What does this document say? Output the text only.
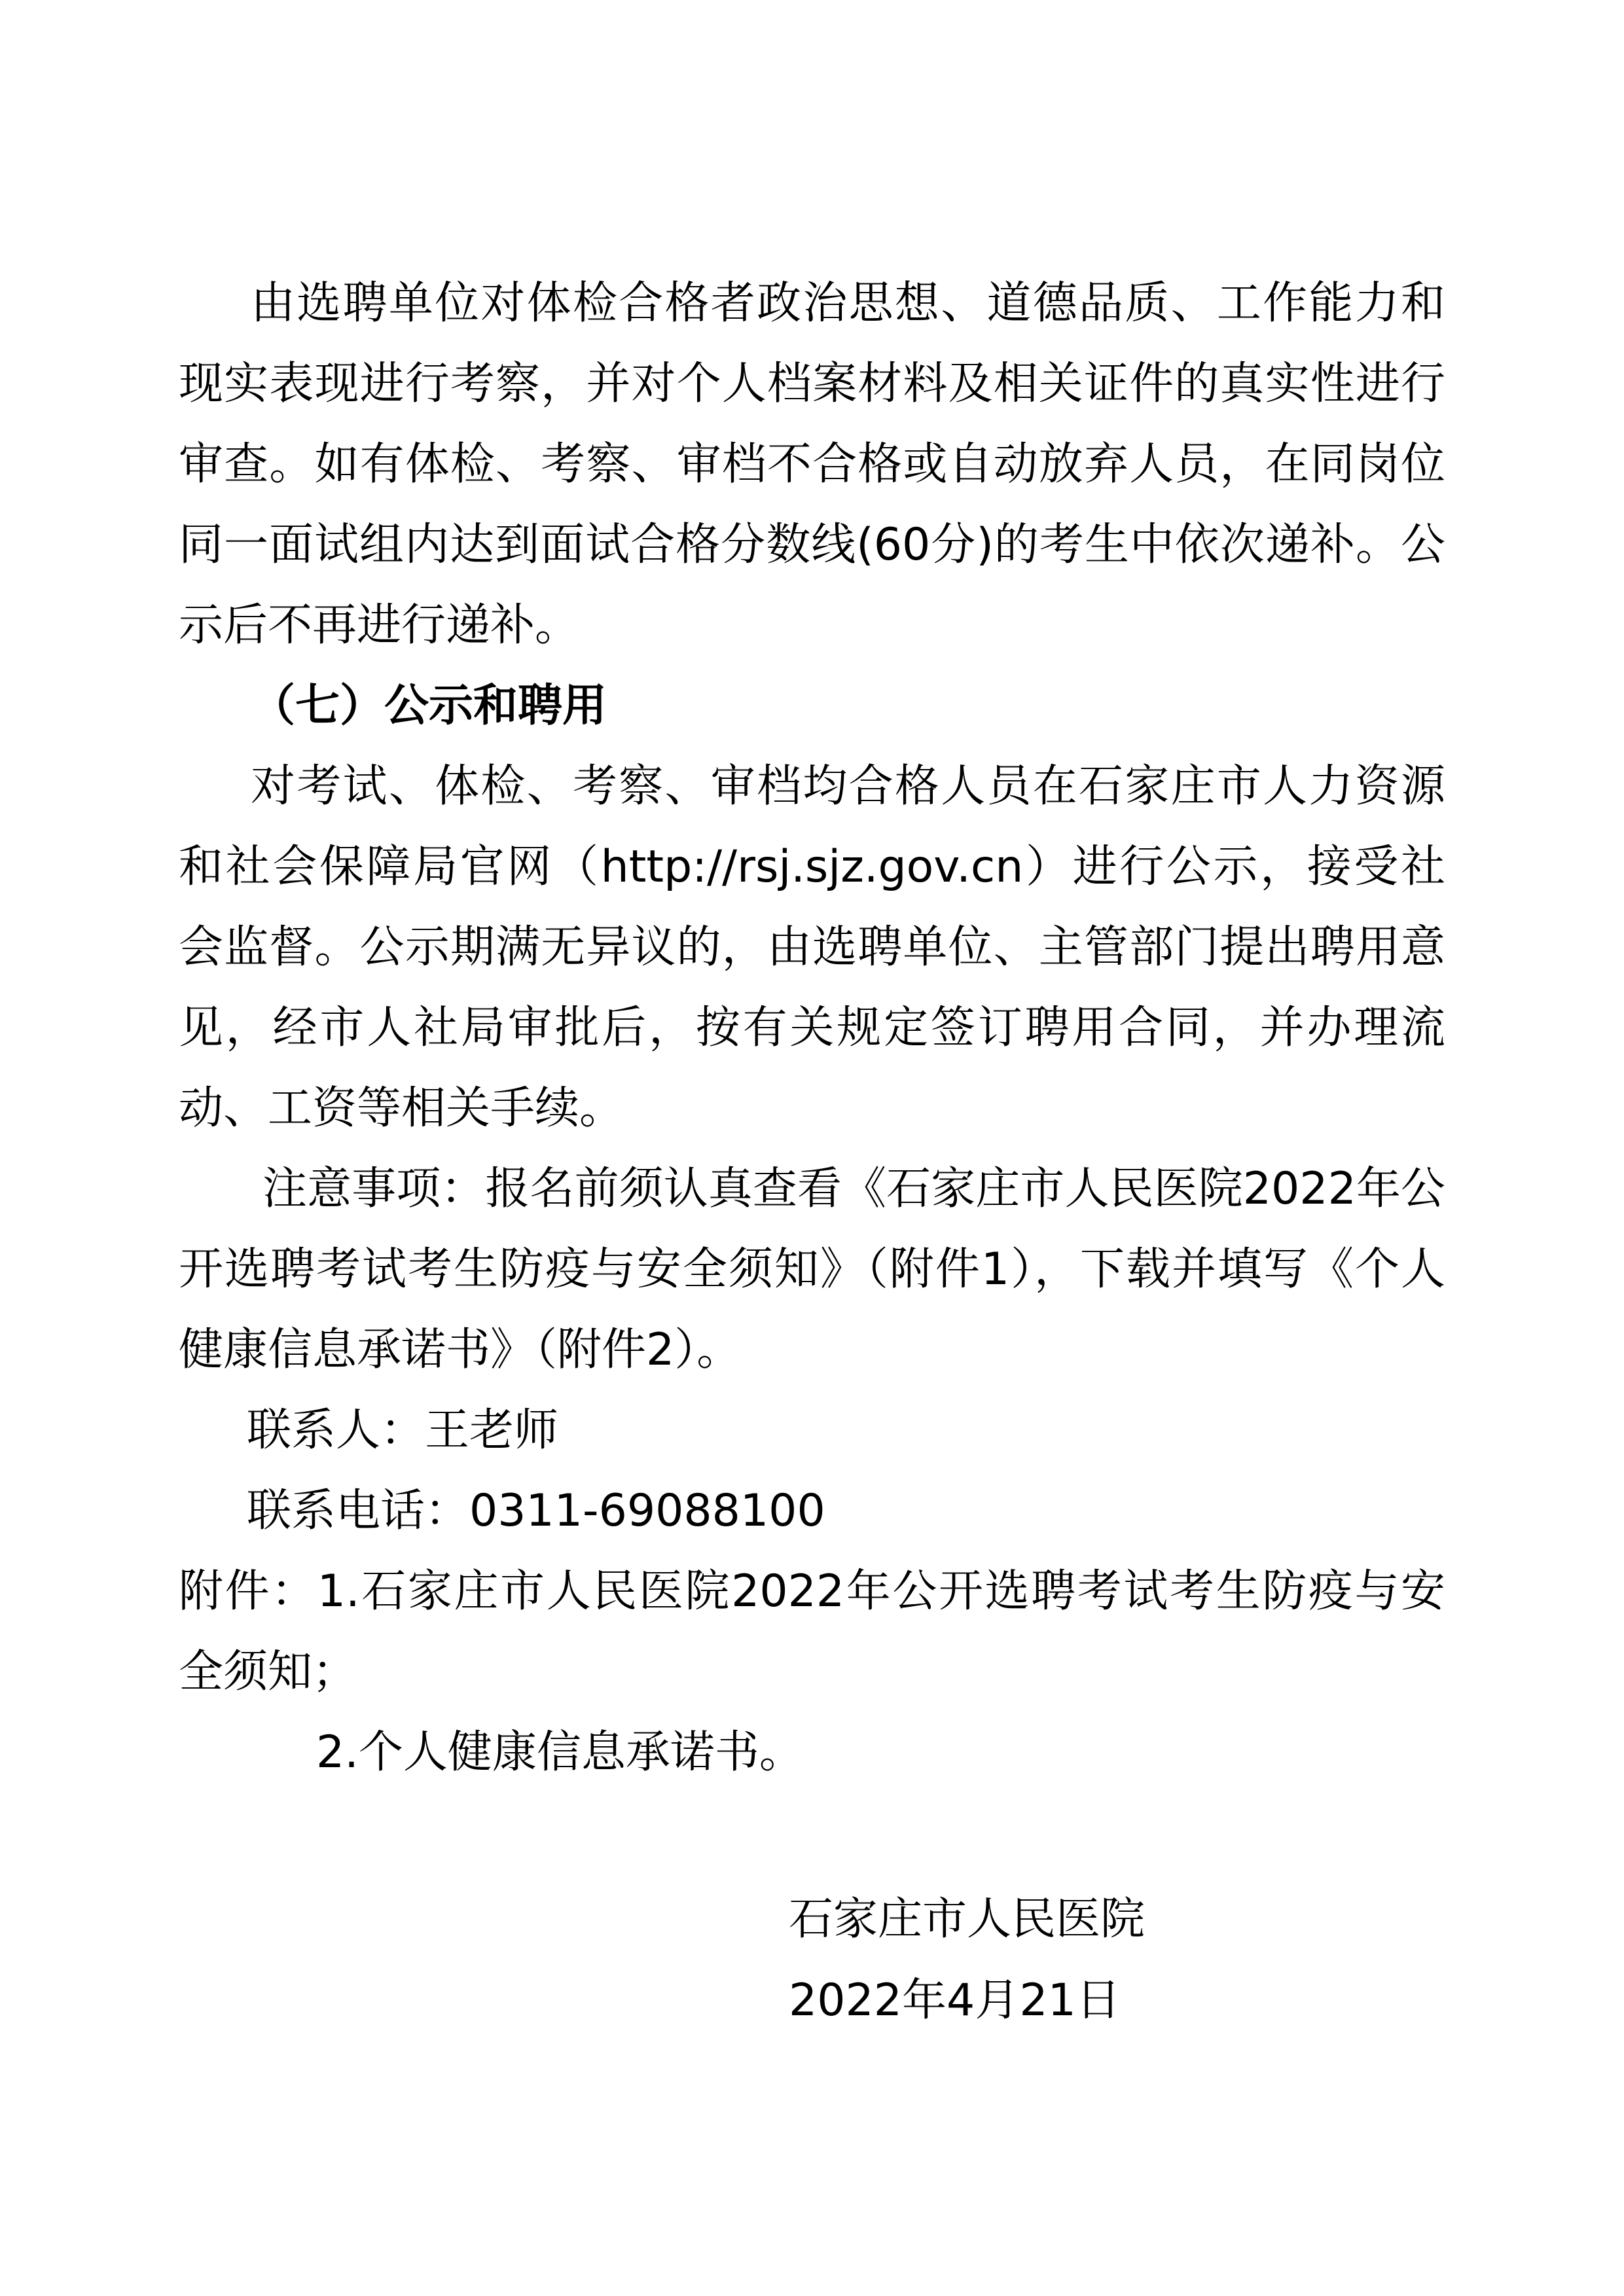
由选聘单位对体检合格者政治思想、道德品质、工作能力和现实表现进行考察，并对个人档案材料及相关证件的真实性进行审查。如有体检、考察、审档不合格或自动放弃人员，在同岗位同一面试组内达到面试合格分数线(60分)的考生中依次递补。公示后不再进行递补。

（七）公示和聘用

对考试、体检、考察、审档均合格人员在石家庄市人力资源和社会保障局官网（http://rsj.sjz.gov.cn）进行公示，接受社会监督。公示期满无异议的，由选聘单位、主管部门提出聘用意见，经市人社局审批后，按有关规定签订聘用合同，并办理流动、工资等相关手续。

注意事项：报名前须认真查看《石家庄市人民医院2022年公开选聘考试考生防疫与安全须知》（附件1），下载并填写《个人健康信息承诺书》（附件2）。

联系人：王老师

联系电话：0311-69088100

附件：1.石家庄市人民医院2022年公开选聘考试考生防疫与安全须知；

2.个人健康信息承诺书。

石家庄市人民医院
2022年4月21日
